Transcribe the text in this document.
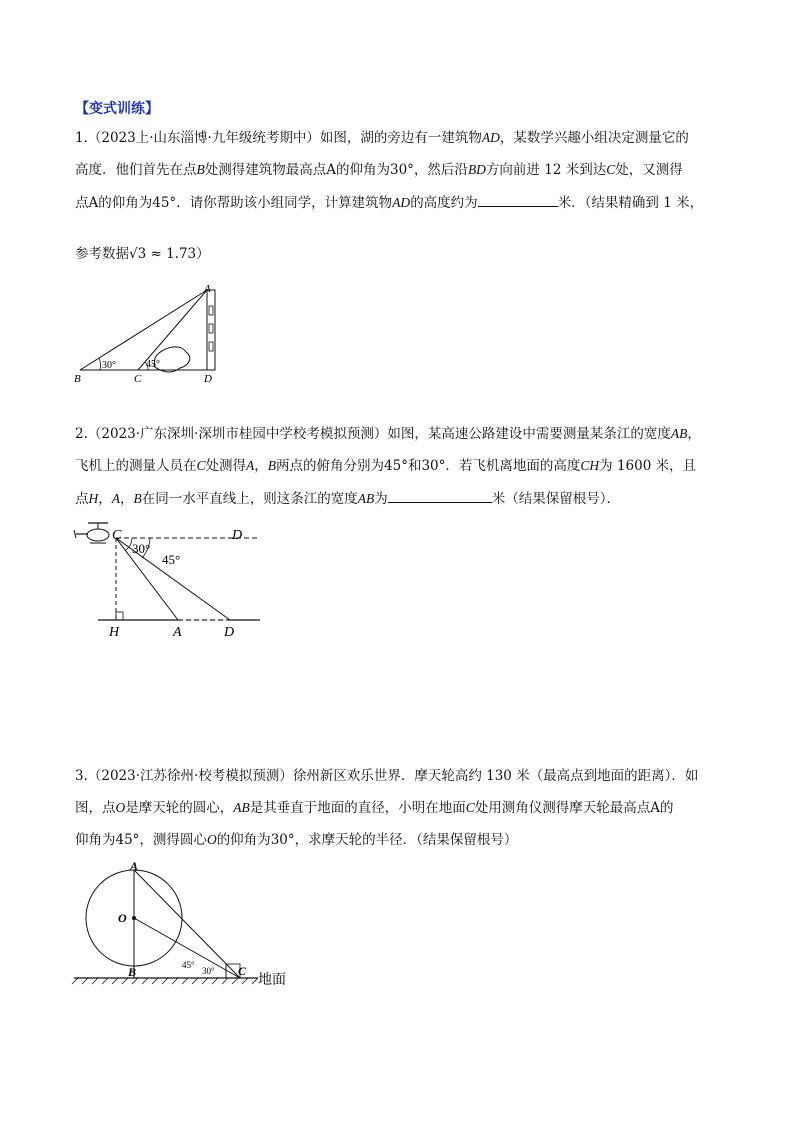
【变式训练】
1.（2023上·山东淄博·九年级统考期中）如图，湖的旁边有一建筑物AD，某数学兴趣小组决定测量它的
高度．他们首先在点B处测得建筑物最高点A的仰角为30°，然后沿BD方向前进 12 米到达C处，又测得
点A的仰角为45°．请你帮助该小组同学，计算建筑物AD的高度约为	米．（结果精确到 1 米，
参考数据√3 ≈ 1.73）
A
B	C	D
30°	45°
2.（2023·广东深圳·深圳市桂园中学校考模拟预测）如图，某高速公路建设中需要测量某条江的宽度AB，
飞机上的测量人员在C处测得A，B两点的俯角分别为45°和30°．若飞机离地面的高度CH为 1600 米，且
点H，A，B在同一水平直线上，则这条江的宽度AB为	米（结果保留根号）．
C	D
H	A	D
30°
45°
3.（2023·江苏徐州·校考模拟预测）徐州新区欢乐世界．摩天轮高约 130 米（最高点到地面的距离）．如
图，点O是摩天轮的圆心，AB是其垂直于地面的直径，小明在地面C处用测角仪测得摩天轮最高点A的
仰角为45°，测得圆心O的仰角为30°，求摩天轮的半径．（结果保留根号）
A
O
B	C
地面
45°
30°
